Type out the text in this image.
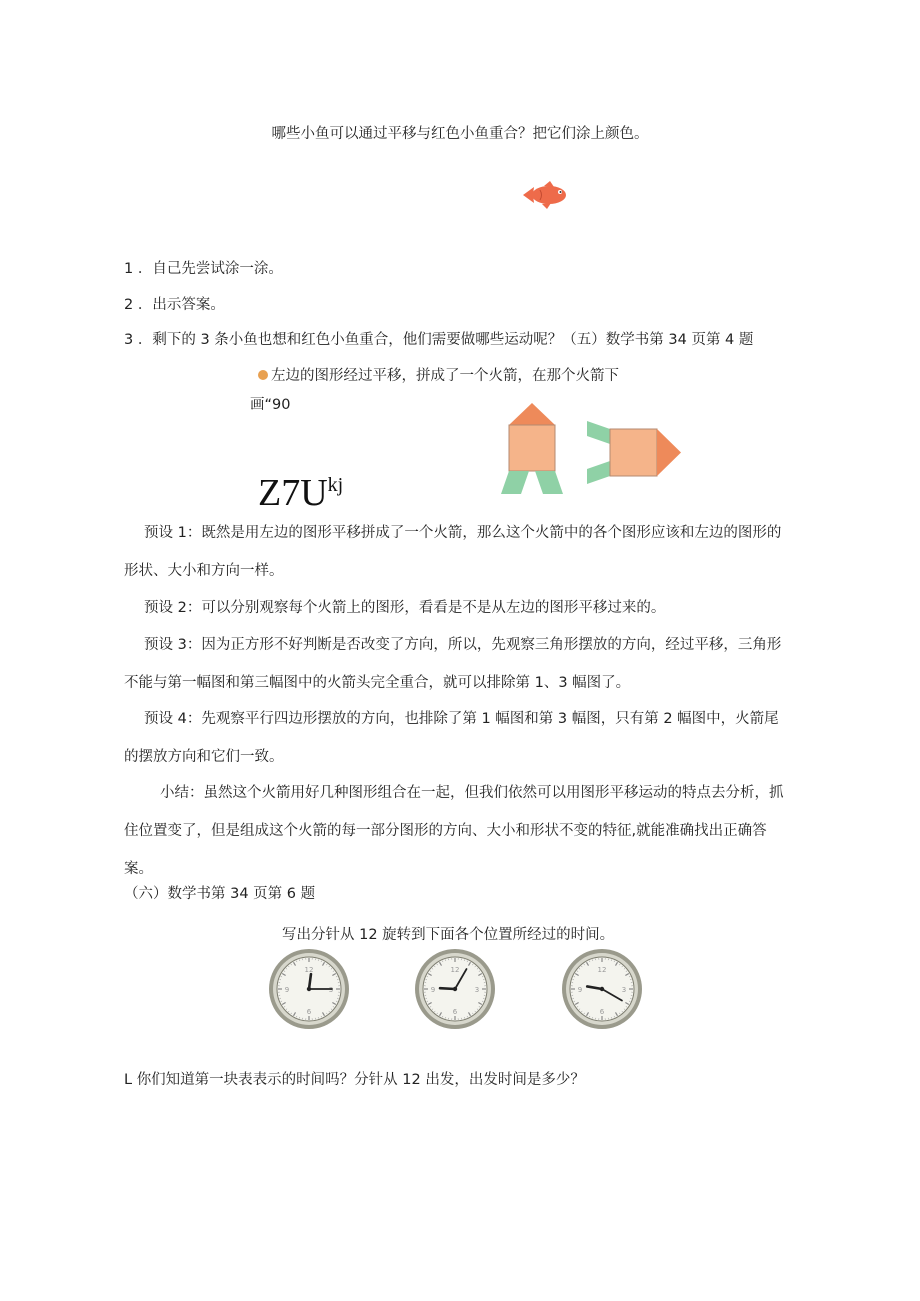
哪些小鱼可以通过平移与红色小鱼重合？把它们涂上颜色。
1 ．自己先尝试涂一涂。
2 ．出示答案。
3 ．剩下的 3 条小鱼也想和红色小鱼重合，他们需要做哪些运动呢？（五）数学书第 34 页第 4 题
左边的图形经过平移，拼成了一个火箭，在那个火箭下
画“90
$Z7U^{kj}$
预设 1：既然是用左边的图形平移拼成了一个火箭，那么这个火箭中的各个图形应该和左边的图形的形状、大小和方向一样。
预设 2：可以分别观察每个火箭上的图形，看看是不是从左边的图形平移过来的。
预设 3：因为正方形不好判断是否改变了方向，所以，先观察三角形摆放的方向，经过平移，三角形不能与第一幅图和第三幅图中的火箭头完全重合，就可以排除第 1、3 幅图了。
预设 4：先观察平行四边形摆放的方向，也排除了第 1 幅图和第 3 幅图，只有第 2 幅图中，火箭尾的摆放方向和它们一致。
小结：虽然这个火箭用好几种图形组合在一起，但我们依然可以用图形平移运动的特点去分析，抓住位置变了，但是组成这个火箭的每一部分图形的方向、大小和形状不变的特征,就能准确找出正确答案。
（六）数学书第 34 页第 6 题
写出分针从 12 旋转到下面各个位置所经过的时间。
12
3
6
9
12
3
6
9
12
3
6
9
L 你们知道第一块表表示的时间吗？分针从 12 出发，出发时间是多少？
